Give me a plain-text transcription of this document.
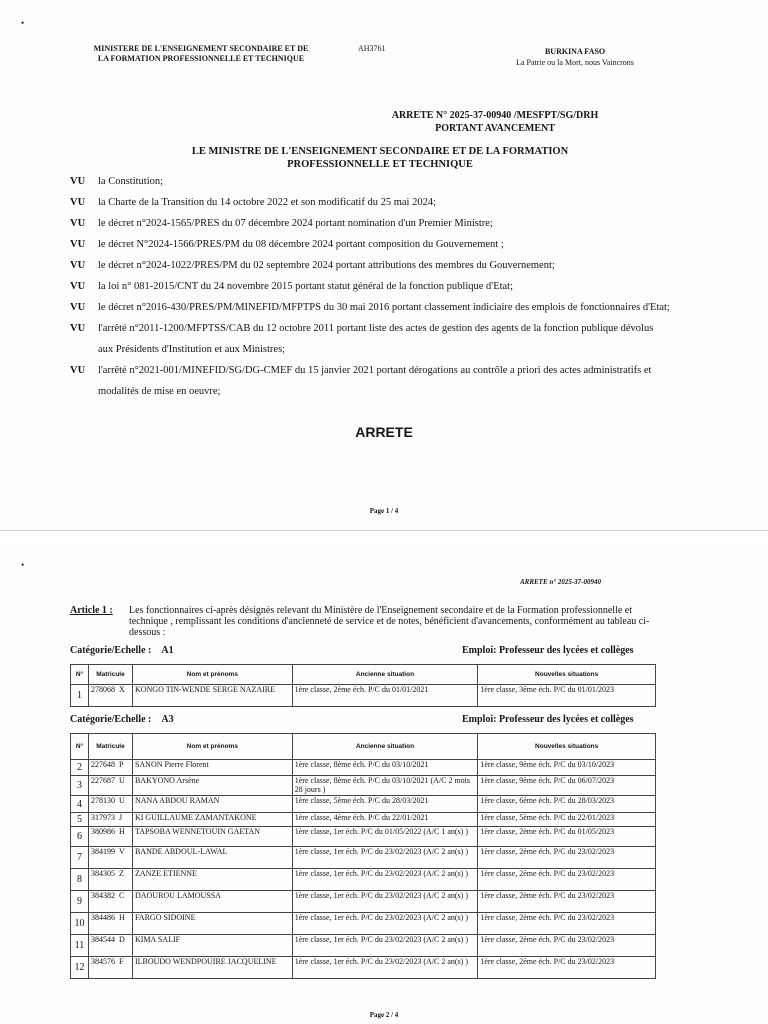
•
MINISTERE DE L'ENSEIGNEMENT SECONDAIRE ET DE
LA FORMATION PROFESSIONNELLE ET TECHNIQUE
AH3761	BURKINA FASO
La Patrie ou la Mort, nous Vaincrons
ARRETE N° 2025-37-00940 /MESFPT/SG/DRH
PORTANT AVANCEMENT
LE MINISTRE DE L'ENSEIGNEMENT SECONDAIRE ET DE LA FORMATION
PROFESSIONNELLE ET TECHNIQUE
VU	la Constitution;
VU	la Charte de la Transition du 14 octobre 2022 et son modificatif du 25 mai 2024;
VU	le décret n°2024-1565/PRES du 07 décembre 2024 portant nomination d'un Premier Ministre;
VU	le décret N°2024-1566/PRES/PM du 08 décembre 2024 portant composition du Gouvernement ;
VU	le décret n°2024-1022/PRES/PM du 02 septembre 2024 portant attributions des membres du Gouvernement;
VU	la loi n° 081-2015/CNT du 24 novembre 2015 portant statut général de la fonction publique d'Etat;
VU	le décret n°2016-430/PRES/PM/MINEFID/MFPTPS du 30 mai 2016 portant classement indiciaire des emplois de fonctionnaires d'Etat;
VU	l'arrêté n°2011-1200/MFPTSS/CAB du 12 octobre 2011 portant liste des actes de gestion des agents de la fonction publique dévolus aux Présidents d'Institution et aux Ministres;
VU	l'arrêté n°2021-001/MINEFID/SG/DG-CMEF du 15 janvier 2021 portant dérogations au contrôle a priori des actes administratifs et modalités de mise en oeuvre;
ARRETE
Page 1 / 4
•
ARRETE n° 2025-37-00940
Article 1 : Les fonctionnaires ci-après désignés relevant du Ministère de l'Enseignement secondaire et de la Formation professionnelle et technique , remplissant les conditions d'ancienneté de service et de notes, bénéficient d'avancements, conformément au tableau ci-dessous :
Catégorie/Echelle : A1	Emploi: Professeur des lycées et collèges
N°	Matricule	Nom et prénoms	Ancienne situation	Nouvelles situations
1	278068 X	KONGO TIN-WENDE SERGE NAZAIRE	1ère classe, 2ème éch. P/C du 01/01/2021	1ère classe, 3ème éch. P/C du 01/01/2023
Catégorie/Echelle : A3	Emploi: Professeur des lycées et collèges
N°	Matricule	Nom et prénoms	Ancienne situation	Nouvelles situations
2	227648 P	SANON Pierre Florent	1ère classe, 8ème éch. P/C du 03/10/2021	1ère classe, 9ème éch. P/C du 03/10/2023
3	227687 U	BAKYONO Arsène	1ère classe, 8ème éch. P/C du 03/10/2021 (A/C 2 mois 28 jours )	1ère classe, 9ème éch. P/C du 06/07/2023
4	278130 U	NANA ABDOU RAMAN	1ère classe, 5ème éch. P/C du 28/03/2021	1ère classe, 6ème éch. P/C du 28/03/2023
5	317973 J	KI GUILLAUME ZAMANTAKONE	1ère classe, 4ème éch. P/C du 22/01/2021	1ère classe, 5ème éch. P/C du 22/01/2023
6	380986 H	TAPSOBA WENNETOUIN GAETAN	1ère classe, 1er éch. P/C du 01/05/2022 (A/C 1 an(s) )	1ère classe, 2ème éch. P/C du 01/05/2023
7	384199 V	BANDE ABDOUL-LAWAL	1ère classe, 1er éch. P/C du 23/02/2023 (A/C 2 an(s) )	1ère classe, 2ème éch. P/C du 23/02/2023
8	384305 Z	ZANZE ETIENNE	1ère classe, 1er éch. P/C du 23/02/2023 (A/C 2 an(s) )	1ère classe, 2ème éch. P/C du 23/02/2023
9	384382 C	DAOUROU LAMOUSSA	1ère classe, 1er éch. P/C du 23/02/2023 (A/C 2 an(s) )	1ère classe, 2ème éch. P/C du 23/02/2023
10	384486 H	FARGO SIDOINE	1ère classe, 1er éch. P/C du 23/02/2023 (A/C 2 an(s) )	1ère classe, 2ème éch. P/C du 23/02/2023
11	384544 D	KIMA SALIF	1ère classe, 1er éch. P/C du 23/02/2023 (A/C 2 an(s) )	1ère classe, 2ème éch. P/C du 23/02/2023
12	384576 F	ILBOUDO WENDPOUIRE JACQUELINE	1ère classe, 1er éch. P/C du 23/02/2023 (A/C 2 an(s) )	1ère classe, 2ème éch. P/C du 23/02/2023
Page 2 / 4
